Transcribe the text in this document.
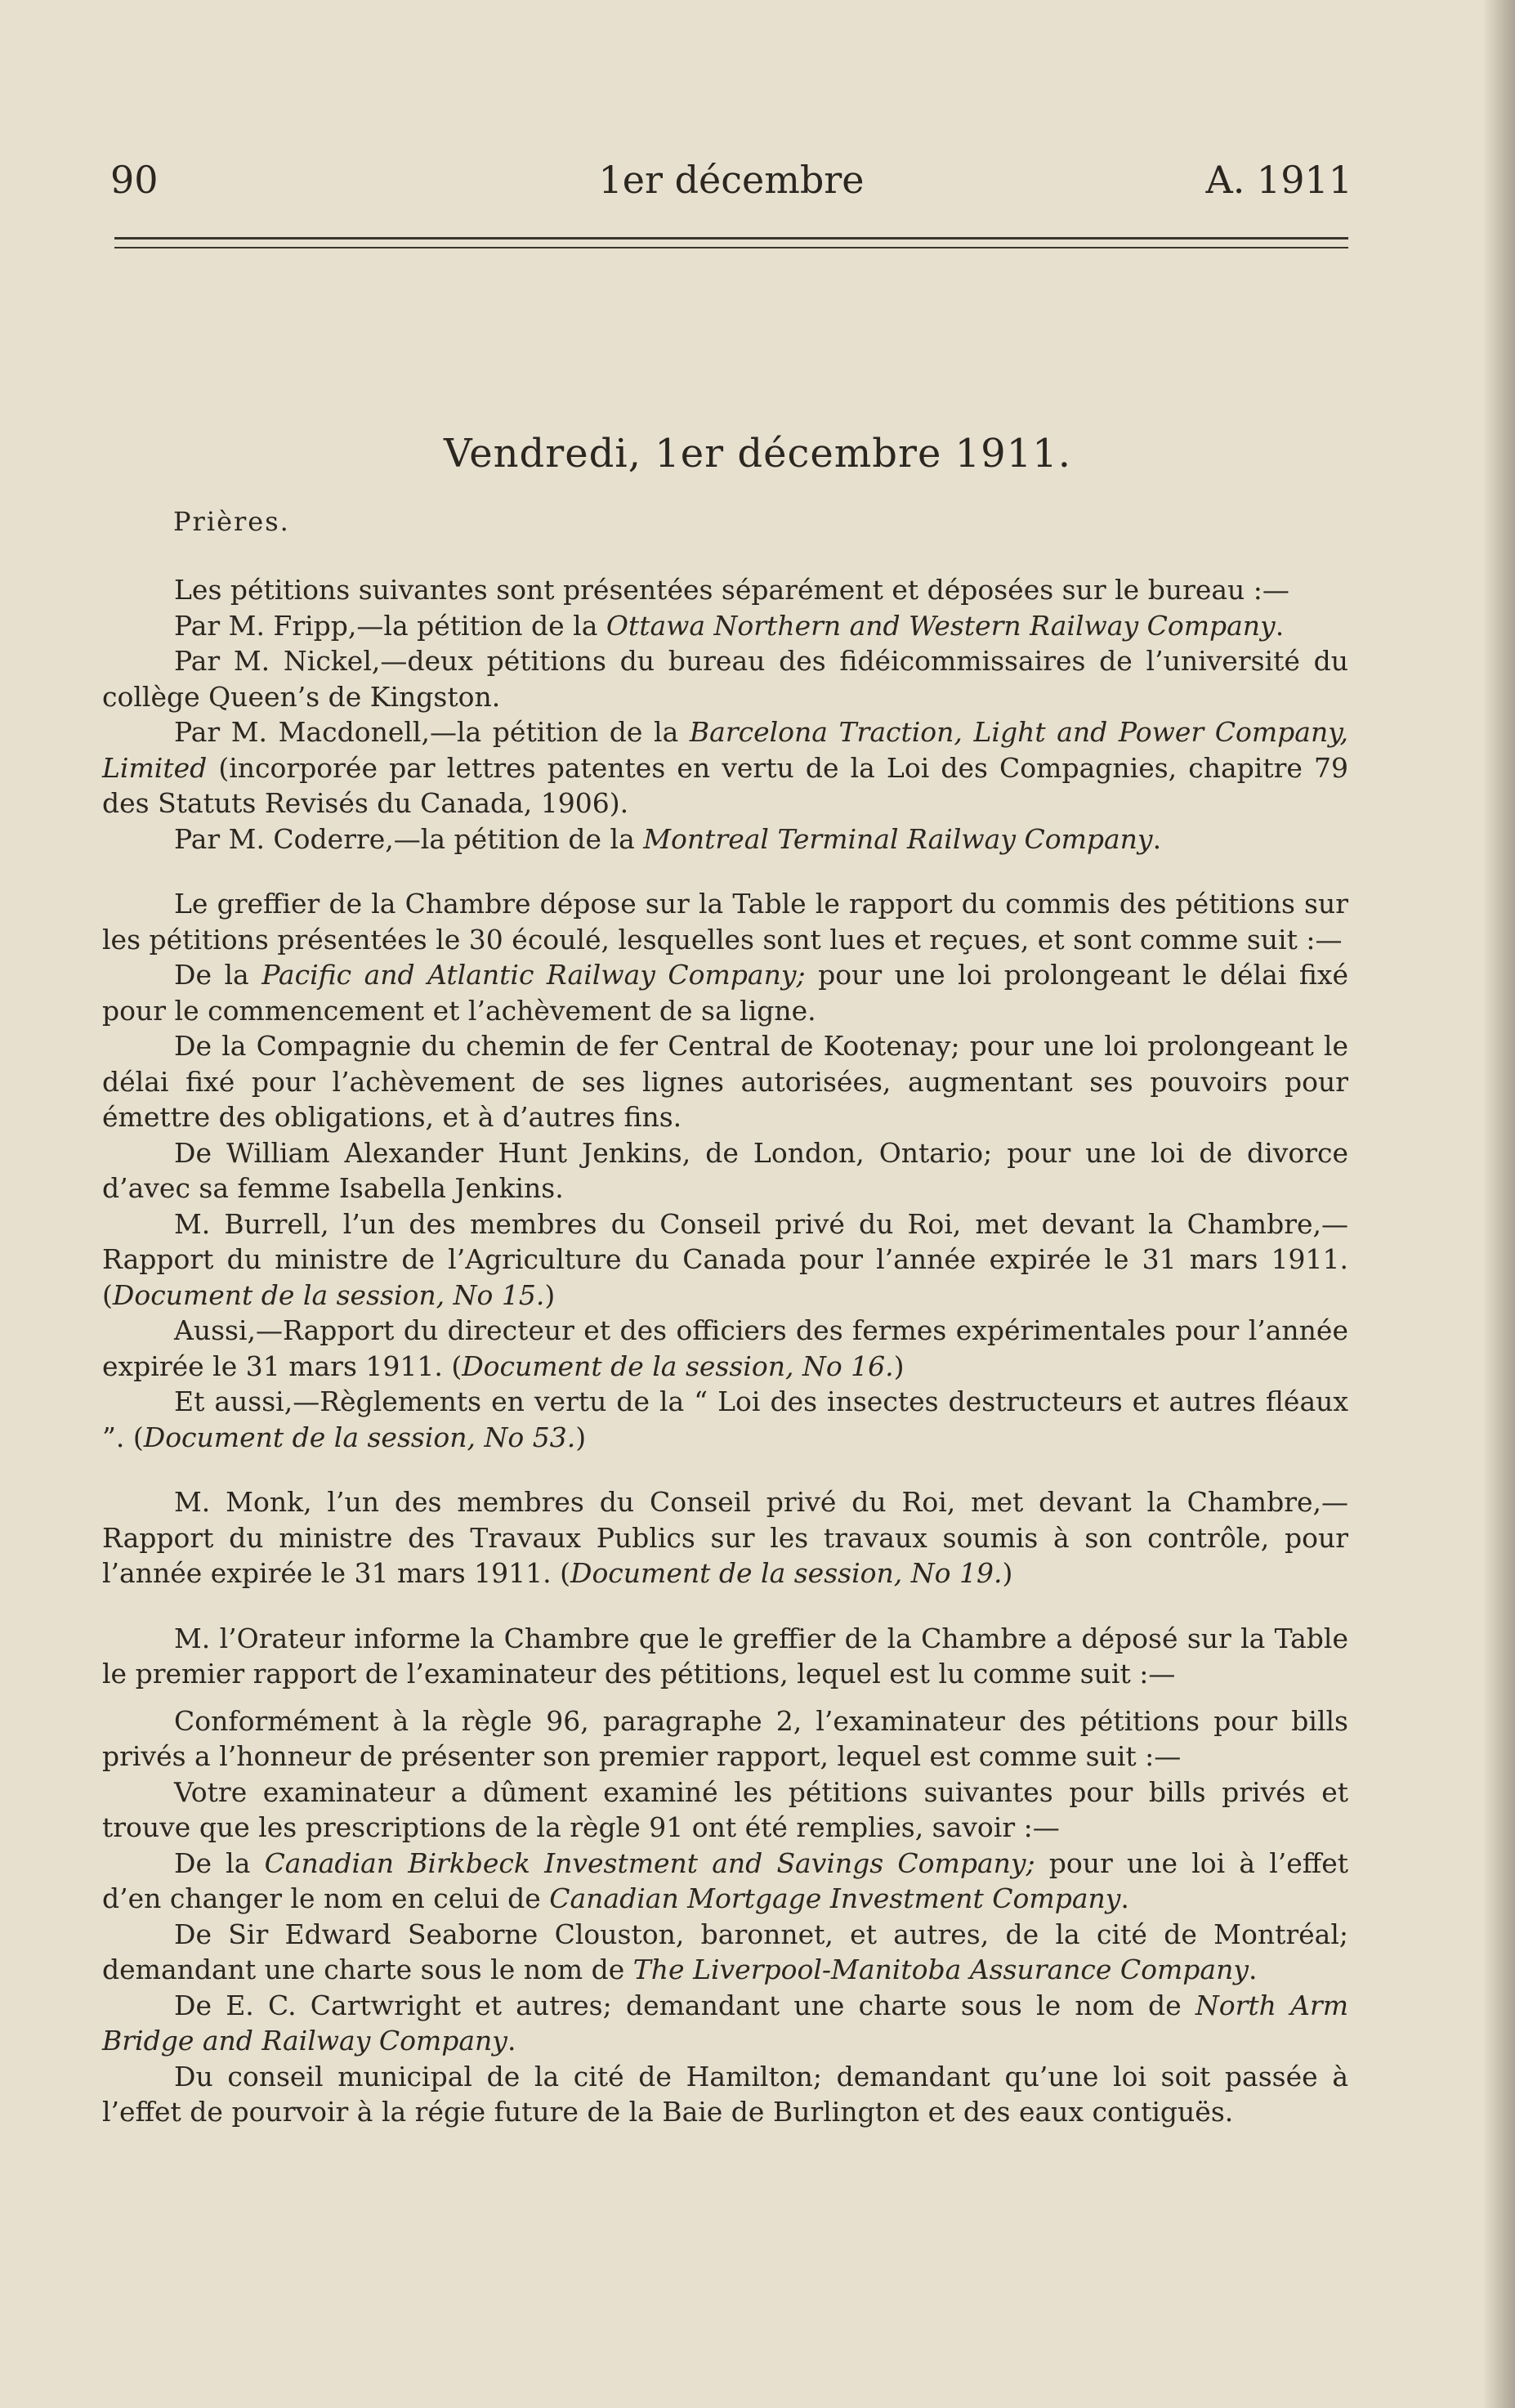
90	1er décembre	A. 1911
Vendredi, 1er décembre 1911.
Prières.

Les pétitions suivantes sont présentées séparément et déposées sur le bureau :—

Par M. Fripp,—la pétition de la Ottawa Northern and Western Railway Company.

Par M. Nickel,—deux pétitions du bureau des fidéicommissaires de l’université du collège Queen’s de Kingston.

Par M. Macdonell,—la pétition de la Barcelona Traction, Light and Power Company, Limited (incorporée par lettres patentes en vertu de la Loi des Compagnies, chapitre 79 des Statuts Revisés du Canada, 1906).

Par M. Coderre,—la pétition de la Montreal Terminal Railway Company.

Le greffier de la Chambre dépose sur la Table le rapport du commis des pétitions sur les pétitions présentées le 30 écoulé, lesquelles sont lues et reçues, et sont comme suit :—

De la Pacific and Atlantic Railway Company; pour une loi prolongeant le délai fixé pour le commencement et l’achèvement de sa ligne.

De la Compagnie du chemin de fer Central de Kootenay; pour une loi prolongeant le délai fixé pour l’achèvement de ses lignes autorisées, augmentant ses pouvoirs pour émettre des obligations, et à d’autres fins.

De William Alexander Hunt Jenkins, de London, Ontario; pour une loi de divorce d’avec sa femme Isabella Jenkins.

M. Burrell, l’un des membres du Conseil privé du Roi, met devant la Chambre,—Rapport du ministre de l’Agriculture du Canada pour l’année expirée le 31 mars 1911. (Document de la session, No 15.)

Aussi,—Rapport du directeur et des officiers des fermes expérimentales pour l’année expirée le 31 mars 1911. (Document de la session, No 16.)

Et aussi,—Règlements en vertu de la “ Loi des insectes destructeurs et autres fléaux ”. (Document de la session, No 53.)

M. Monk, l’un des membres du Conseil privé du Roi, met devant la Chambre,—Rapport du ministre des Travaux Publics sur les travaux soumis à son contrôle, pour l’année expirée le 31 mars 1911. (Document de la session, No 19.)

M. l’Orateur informe la Chambre que le greffier de la Chambre a déposé sur la Table le premier rapport de l’examinateur des pétitions, lequel est lu comme suit :—

Conformément à la règle 96, paragraphe 2, l’examinateur des pétitions pour bills privés a l’honneur de présenter son premier rapport, lequel est comme suit :—

Votre examinateur a dûment examiné les pétitions suivantes pour bills privés et trouve que les prescriptions de la règle 91 ont été remplies, savoir :—

De la Canadian Birkbeck Investment and Savings Company; pour une loi à l’effet d’en changer le nom en celui de Canadian Mortgage Investment Company.

De Sir Edward Seaborne Clouston, baronnet, et autres, de la cité de Montréal; demandant une charte sous le nom de The Liverpool-Manitoba Assurance Company.

De E. C. Cartwright et autres; demandant une charte sous le nom de North Arm Bridge and Railway Company.

Du conseil municipal de la cité de Hamilton; demandant qu’une loi soit passée à l’effet de pourvoir à la régie future de la Baie de Burlington et des eaux contiguës.
